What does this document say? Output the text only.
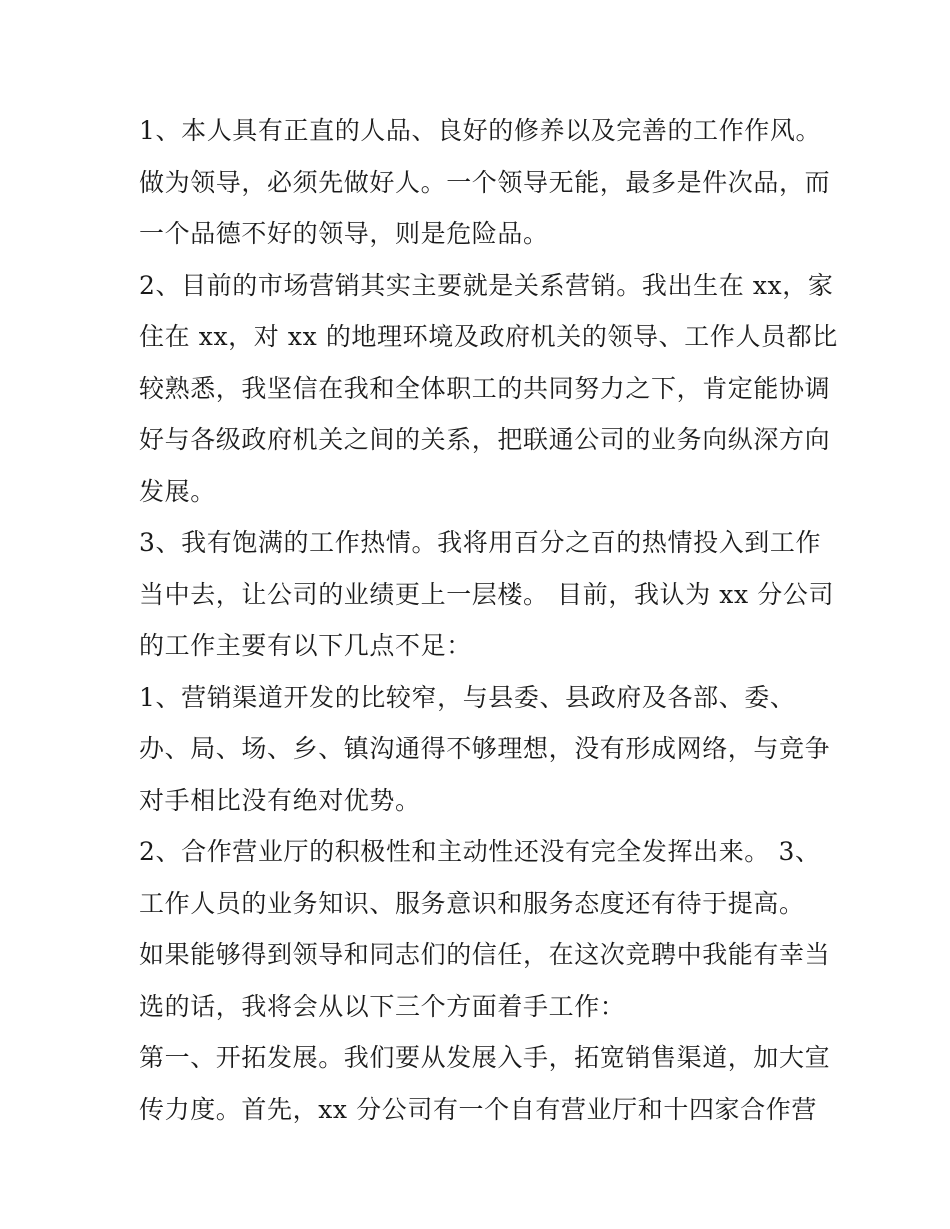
1、本人具有正直的人品、良好的修养以及完善的工作作风。
做为领导，必须先做好人。一个领导无能，最多是件次品，而
一个品德不好的领导，则是危险品。
2、目前的市场营销其实主要就是关系营销。我出生在 xx，家
住在 xx，对 xx 的地理环境及政府机关的领导、工作人员都比
较熟悉，我坚信在我和全体职工的共同努力之下，肯定能协调
好与各级政府机关之间的关系，把联通公司的业务向纵深方向
发展。
3、我有饱满的工作热情。我将用百分之百的热情投入到工作
当中去，让公司的业绩更上一层楼。 目前，我认为 xx 分公司
的工作主要有以下几点不足：
1、营销渠道开发的比较窄，与县委、县政府及各部、委、
办、局、场、乡、镇沟通得不够理想，没有形成网络，与竞争
对手相比没有绝对优势。
2、合作营业厅的积极性和主动性还没有完全发挥出来。 3、
工作人员的业务知识、服务意识和服务态度还有待于提高。
如果能够得到领导和同志们的信任，在这次竞聘中我能有幸当
选的话，我将会从以下三个方面着手工作：
第一、开拓发展。我们要从发展入手，拓宽销售渠道，加大宣
传力度。首先，xx 分公司有一个自有营业厅和十四家合作营
